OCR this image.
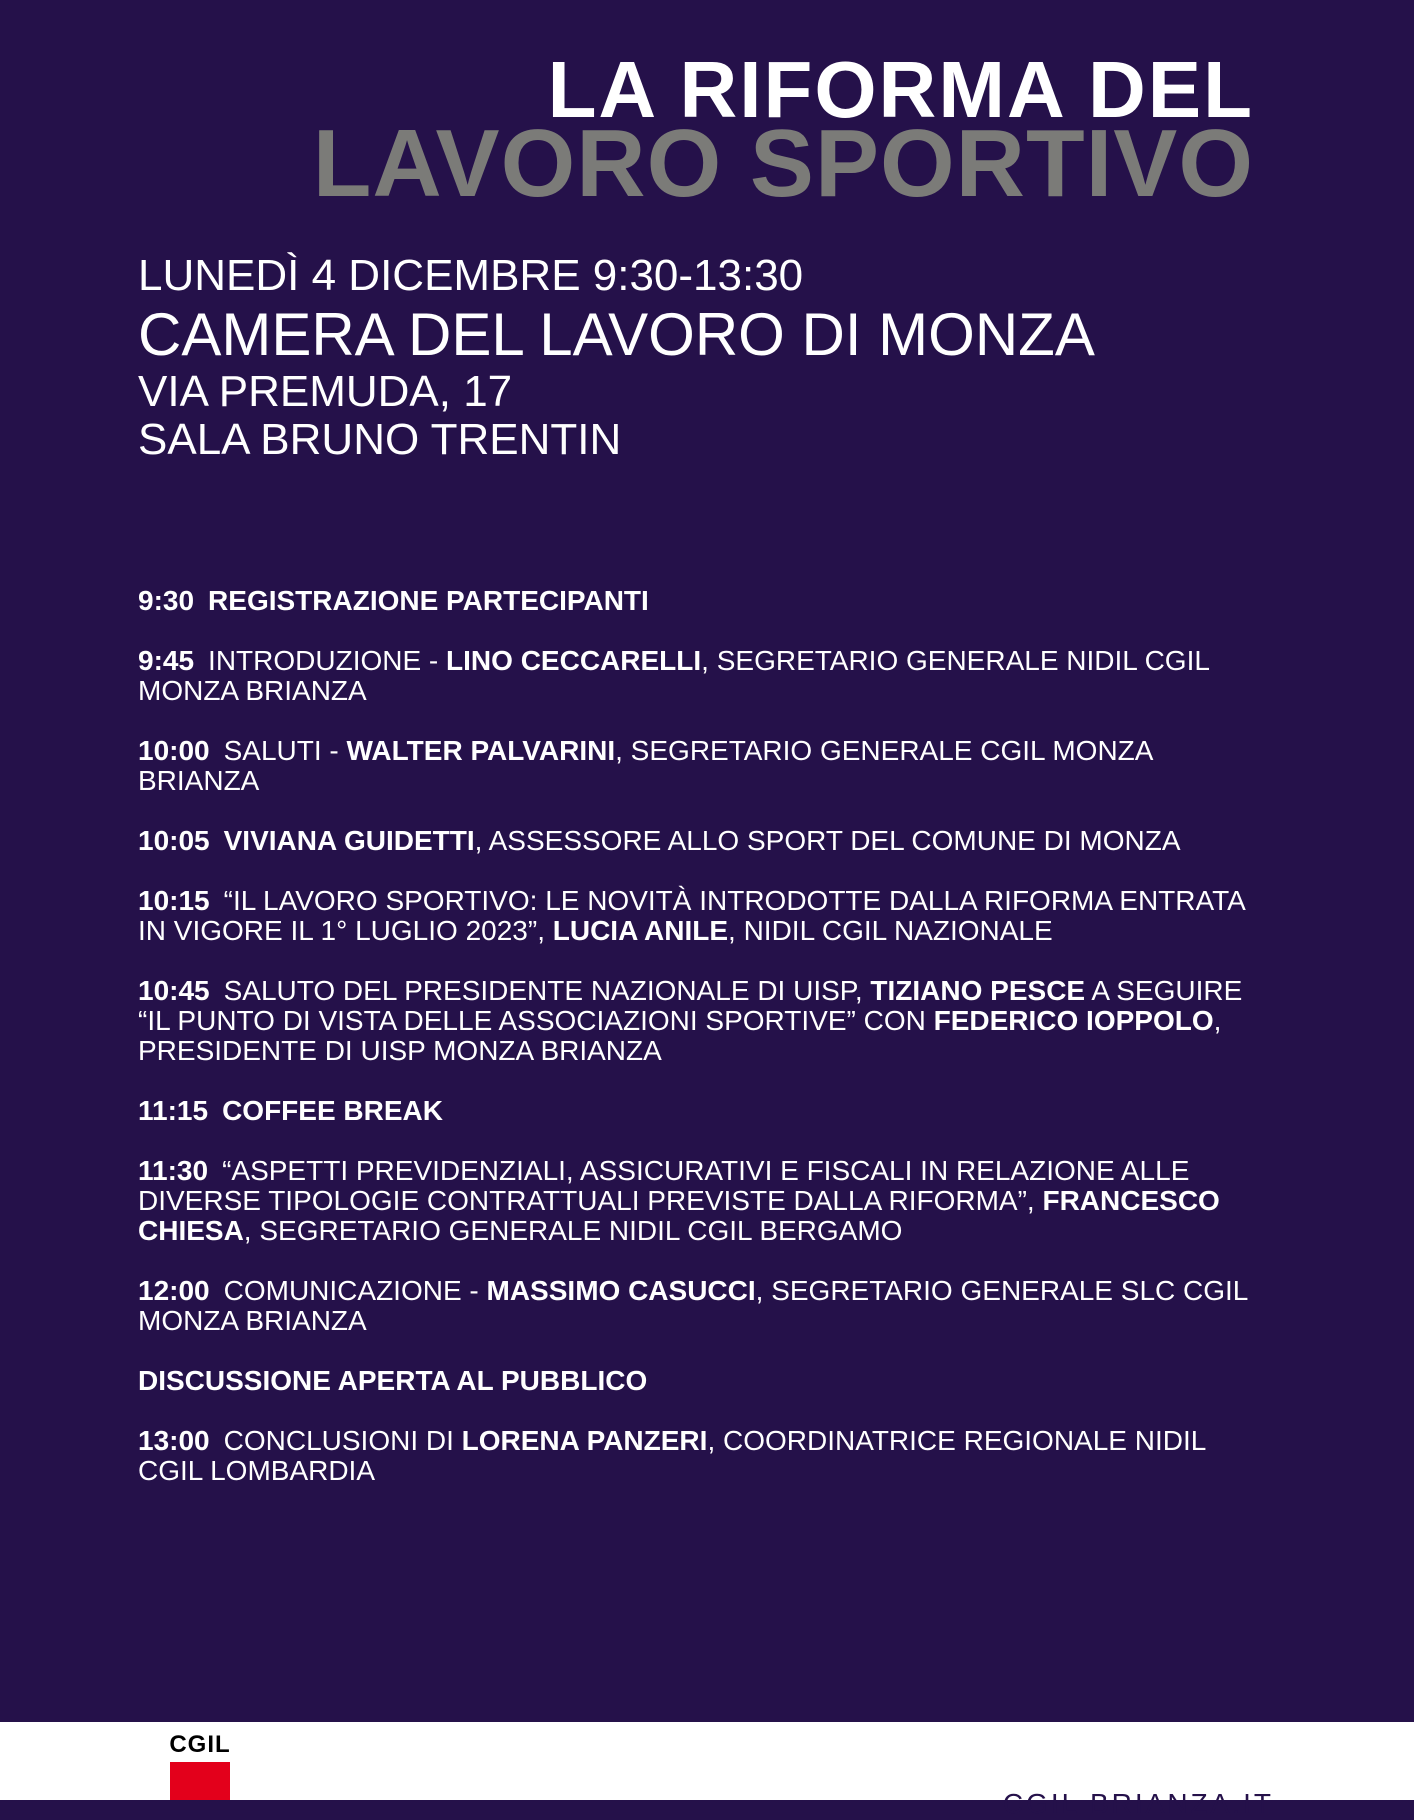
LA RIFORMA DEL
LAVORO SPORTIVO
LUNEDÌ 4 DICEMBRE 9:30-13:30
CAMERA DEL LAVORO DI MONZA
VIA PREMUDA, 17
SALA BRUNO TRENTIN
9:30 REGISTRAZIONE PARTECIPANTI
9:45 INTRODUZIONE - LINO CECCARELLI, SEGRETARIO GENERALE NIDIL CGIL MONZA BRIANZA
10:00 SALUTI - WALTER PALVARINI, SEGRETARIO GENERALE CGIL MONZA BRIANZA
10:05 VIVIANA GUIDETTI, ASSESSORE ALLO SPORT DEL COMUNE DI MONZA
10:15 “IL LAVORO SPORTIVO: LE NOVITÀ INTRODOTTE DALLA RIFORMA ENTRATA IN VIGORE IL 1° LUGLIO 2023”, LUCIA ANILE, NIDIL CGIL NAZIONALE
10:45 SALUTO DEL PRESIDENTE NAZIONALE DI UISP, TIZIANO PESCE A SEGUIRE “IL PUNTO DI VISTA DELLE ASSOCIAZIONI SPORTIVE” CON FEDERICO IOPPOLO, PRESIDENTE DI UISP MONZA BRIANZA
11:15 COFFEE BREAK
11:30 “ASPETTI PREVIDENZIALI, ASSICURATIVI E FISCALI IN RELAZIONE ALLE DIVERSE TIPOLOGIE CONTRATTUALI PREVISTE DALLA RIFORMA”, FRANCESCO CHIESA, SEGRETARIO GENERALE NIDIL CGIL BERGAMO
12:00 COMUNICAZIONE - MASSIMO CASUCCI, SEGRETARIO GENERALE SLC CGIL MONZA BRIANZA
DISCUSSIONE APERTA AL PUBBLICO
13:00 CONCLUSIONI DI LORENA PANZERI, COORDINATRICE REGIONALE NIDIL CGIL LOMBARDIA
CGIL
CGIL BRIANZA.IT
